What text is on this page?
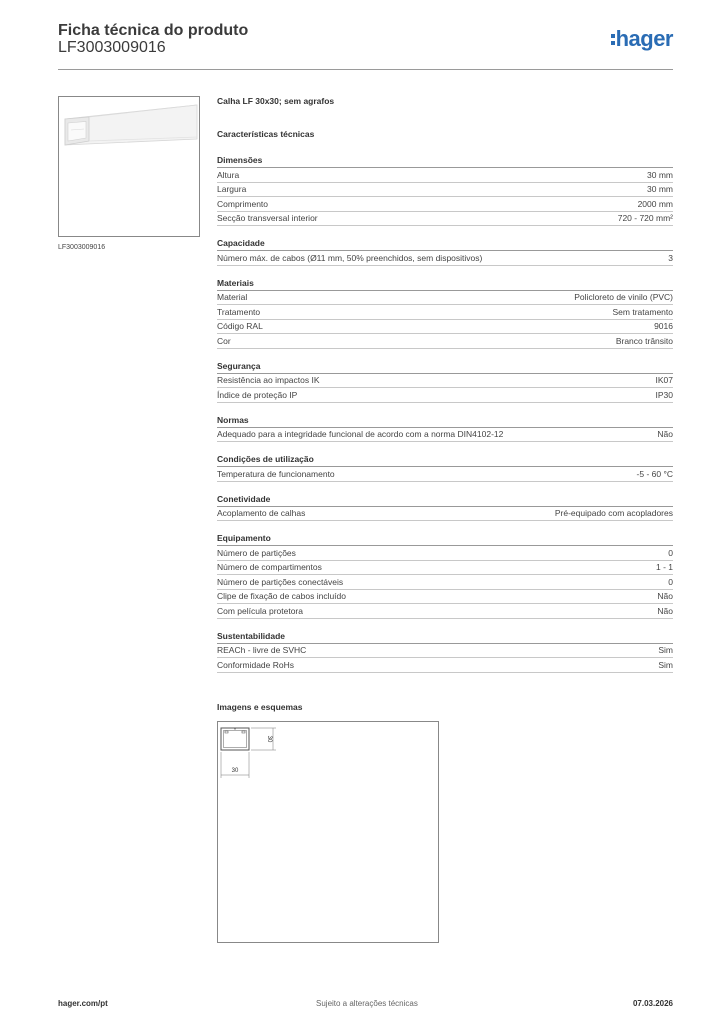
Ficha técnica do produto
LF3003009016	hager
LF3003009016
Calha LF 30x30; sem agrafos
Características técnicas
Dimensões
Altura	30 mm
Largura	30 mm
Comprimento	2000 mm
Secção transversal interior	720 - 720 mm²
Capacidade
Número máx. de cabos (Ø11 mm, 50% preenchidos, sem dispositivos)	3
Materiais
Material	Policloreto de vinilo (PVC)
Tratamento	Sem tratamento
Código RAL	9016
Cor	Branco trânsito
Segurança
Resistência ao impactos IK	IK07
Índice de proteção IP	IP30
Normas
Adequado para a integridade funcional de acordo com a norma DIN4102-12	Não
Condições de utilização
Temperatura de funcionamento	-5 - 60 °C
Conetividade
Acoplamento de calhas	Pré-equipado com acopladores
Equipamento
Número de partições	0
Número de compartimentos	1 - 1
Número de partições conectáveis	0
Clipe de fixação de cabos incluído	Não
Com película protetora	Não
Sustentabilidade
REACh - livre de SVHC	Sim
Conformidade RoHs	Sim
Imagens e esquemas
30
30
hager.com/pt	Sujeito a alterações técnicas	07.03.2026
